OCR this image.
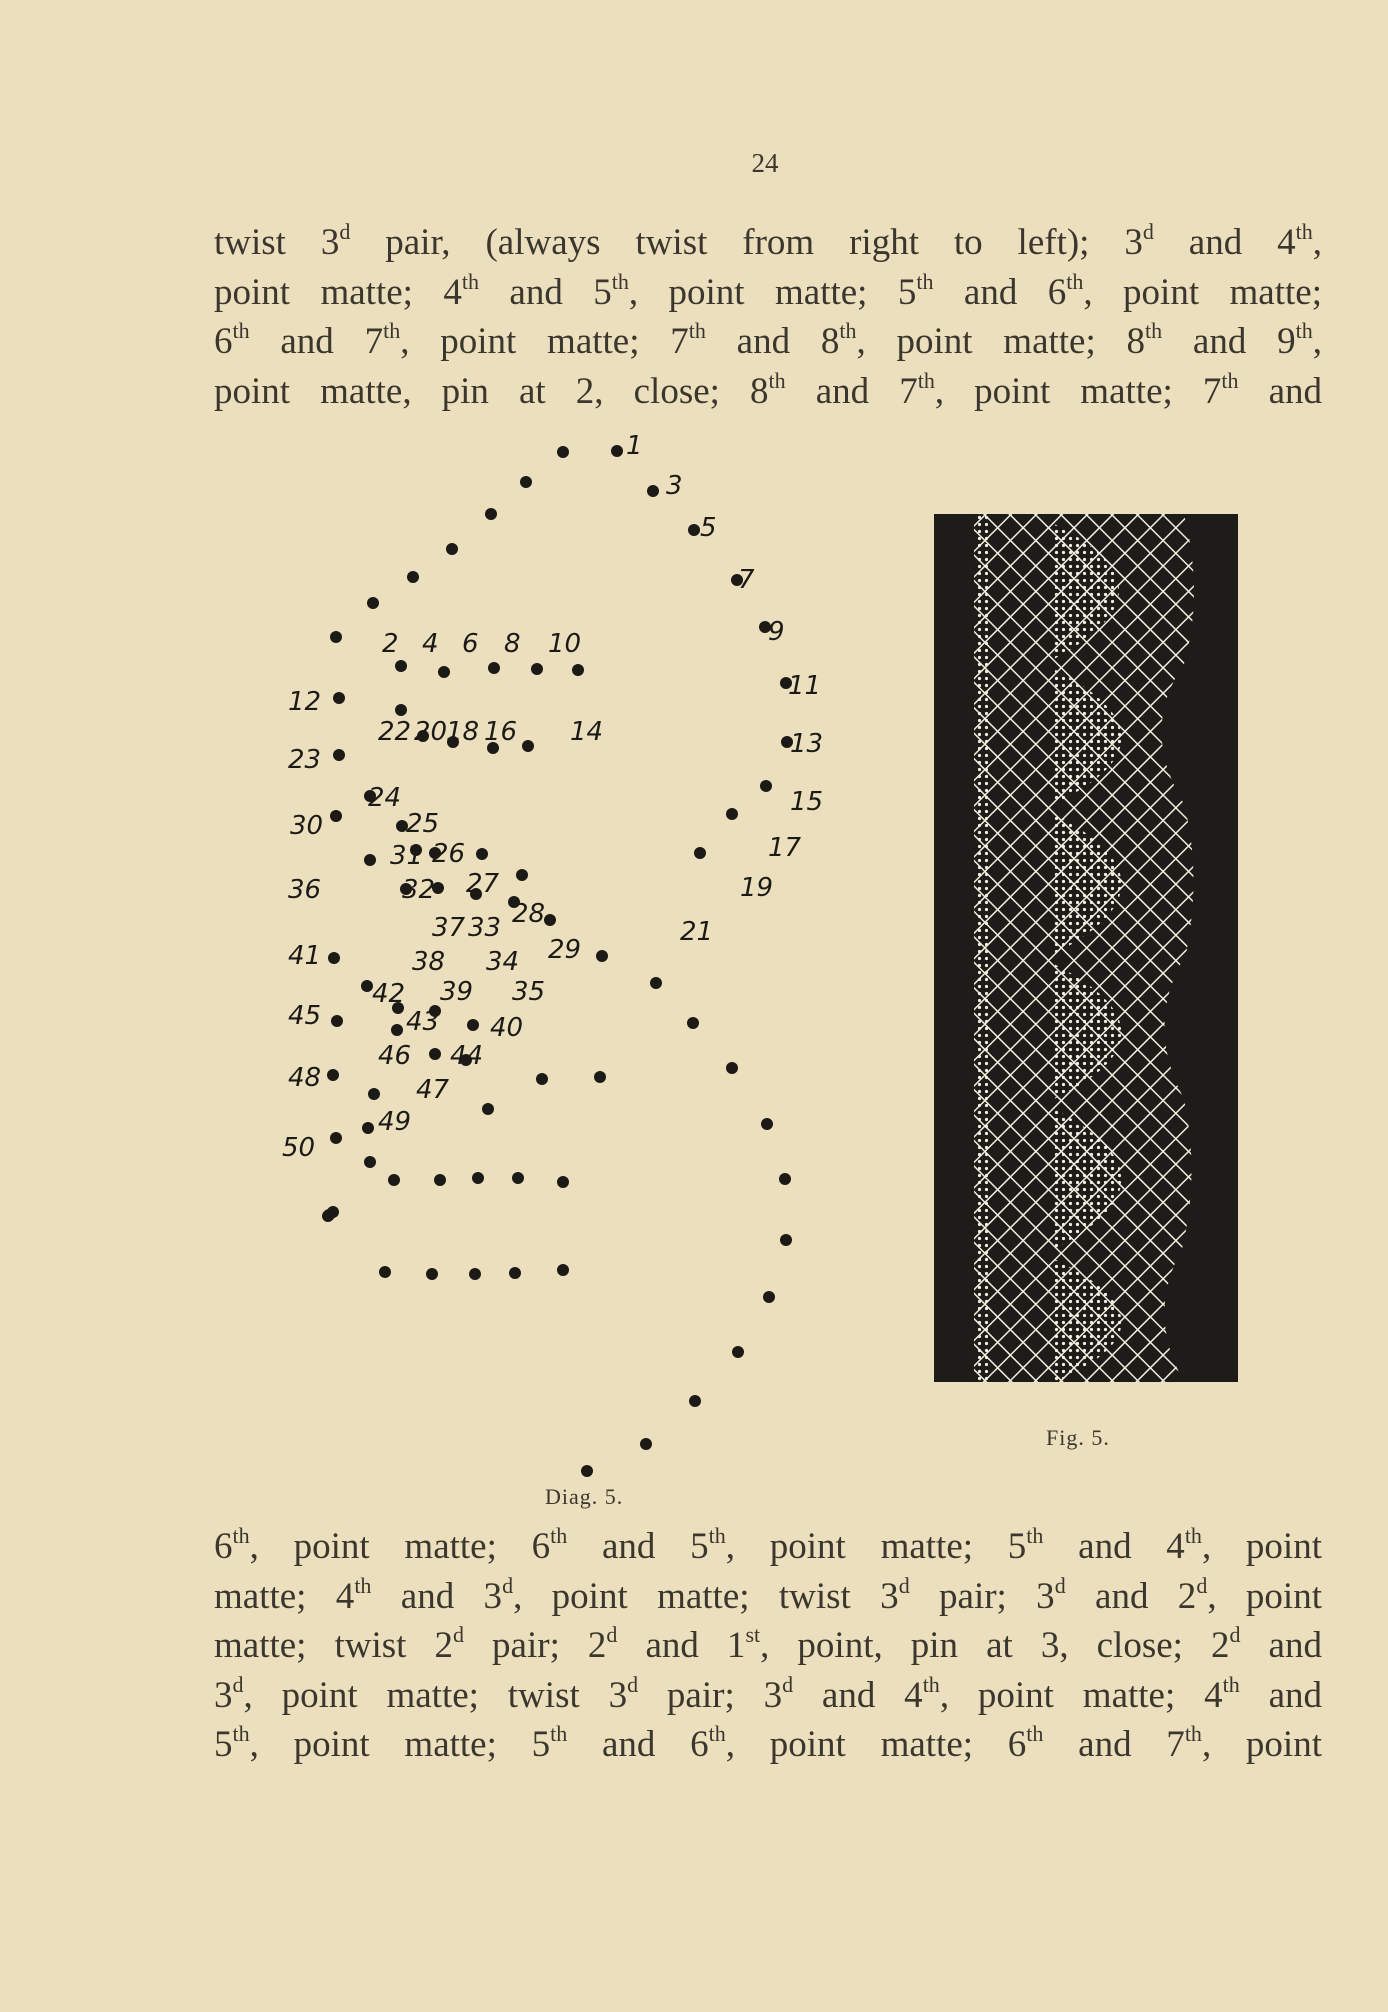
24

twist 3$^d$ pair, (always twist from right to left); 3$^d$ and 4th,
point matte; 4th and 5th, point matte; 5th and 6th, point matte;
6th and 7th, point matte; 7th and 8th, point matte; 8th and 9th,
point matte, pin at 2, close; 8th and 7th, point matte; 7th and

1
3
5
7
9
11
13
15
17
19
21
2 4 6 8 10
12
22 20
18 16 14
23
24
30	25
31 26
36	32 27
37 33 28
41	38 34 29
42 39 35
45	43 40
46 44
48	47
49
50
Diag. 5.
Fig. 5.

6th, point matte; 6th and 5th, point matte; 5th and 4th, point
matte; 4th and 3$^d$, point matte; twist 3$^d$ pair; 3$^d$ and 2$^d$, point
matte; twist 2$^d$ pair; 2$^d$ and 1st, point, pin at 3, close; 2$^d$ and
3$^d$, point matte; twist 3$^d$ pair; 3$^d$ and 4th, point matte; 4th and
5th, point matte; 5th and 6th, point matte; 6th and 7th, point
